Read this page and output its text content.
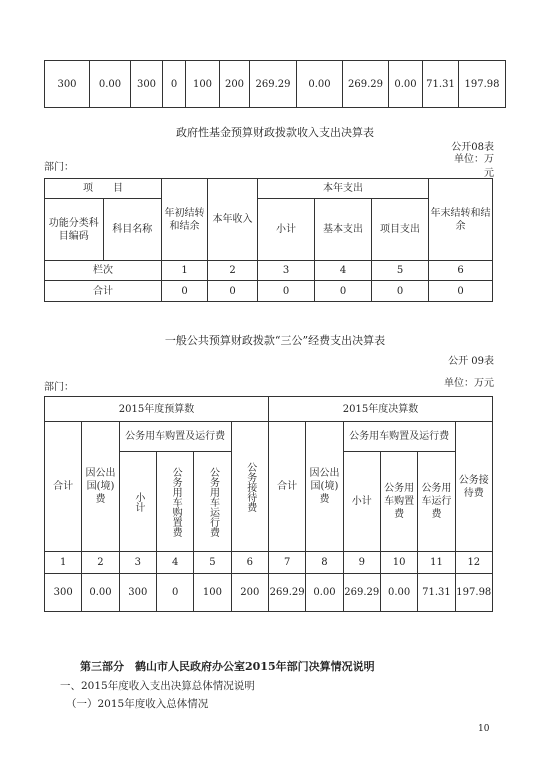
300	0.00	300	0	100	200	269.29	0.00	269.29	0.00	71.31	197.98
政府性基金预算财政拨款收入支出决算表
公开08表
单位：万元
部门：
项　　目		年初结转和结余	本年收入	本年支出			年末结转和结余
功能分类科目编码	科目名称			小计	基本支出	项目支出	
栏次		1	2	3	4	5	6
合计		0	0	0	0	0	0
一般公共预算财政拨款“三公”经费支出决算表
公开 09表
单位：万元
部门：
2015年度预算数						2015年度决算数					
合计	因公出国(境)费	公务用车购置及运行费			公务接待费	合计	因公出国(境)费	公务用车购置及运行费			公务接待费

		小计	公务用车购置费	公务用车运行费				小计	公务用车购置费	公务用车运行费	
1	2	3	4	5	6	7	8	9	10	11	12
300	0.00	300	0	100	200	269.29	0.00	269.29	0.00	71.31	197.98
第三部分　鹤山市人民政府办公室2015年部门决算情况说明
一、2015年度收入支出决算总体情况说明
（一）2015年度收入总体情况
10
